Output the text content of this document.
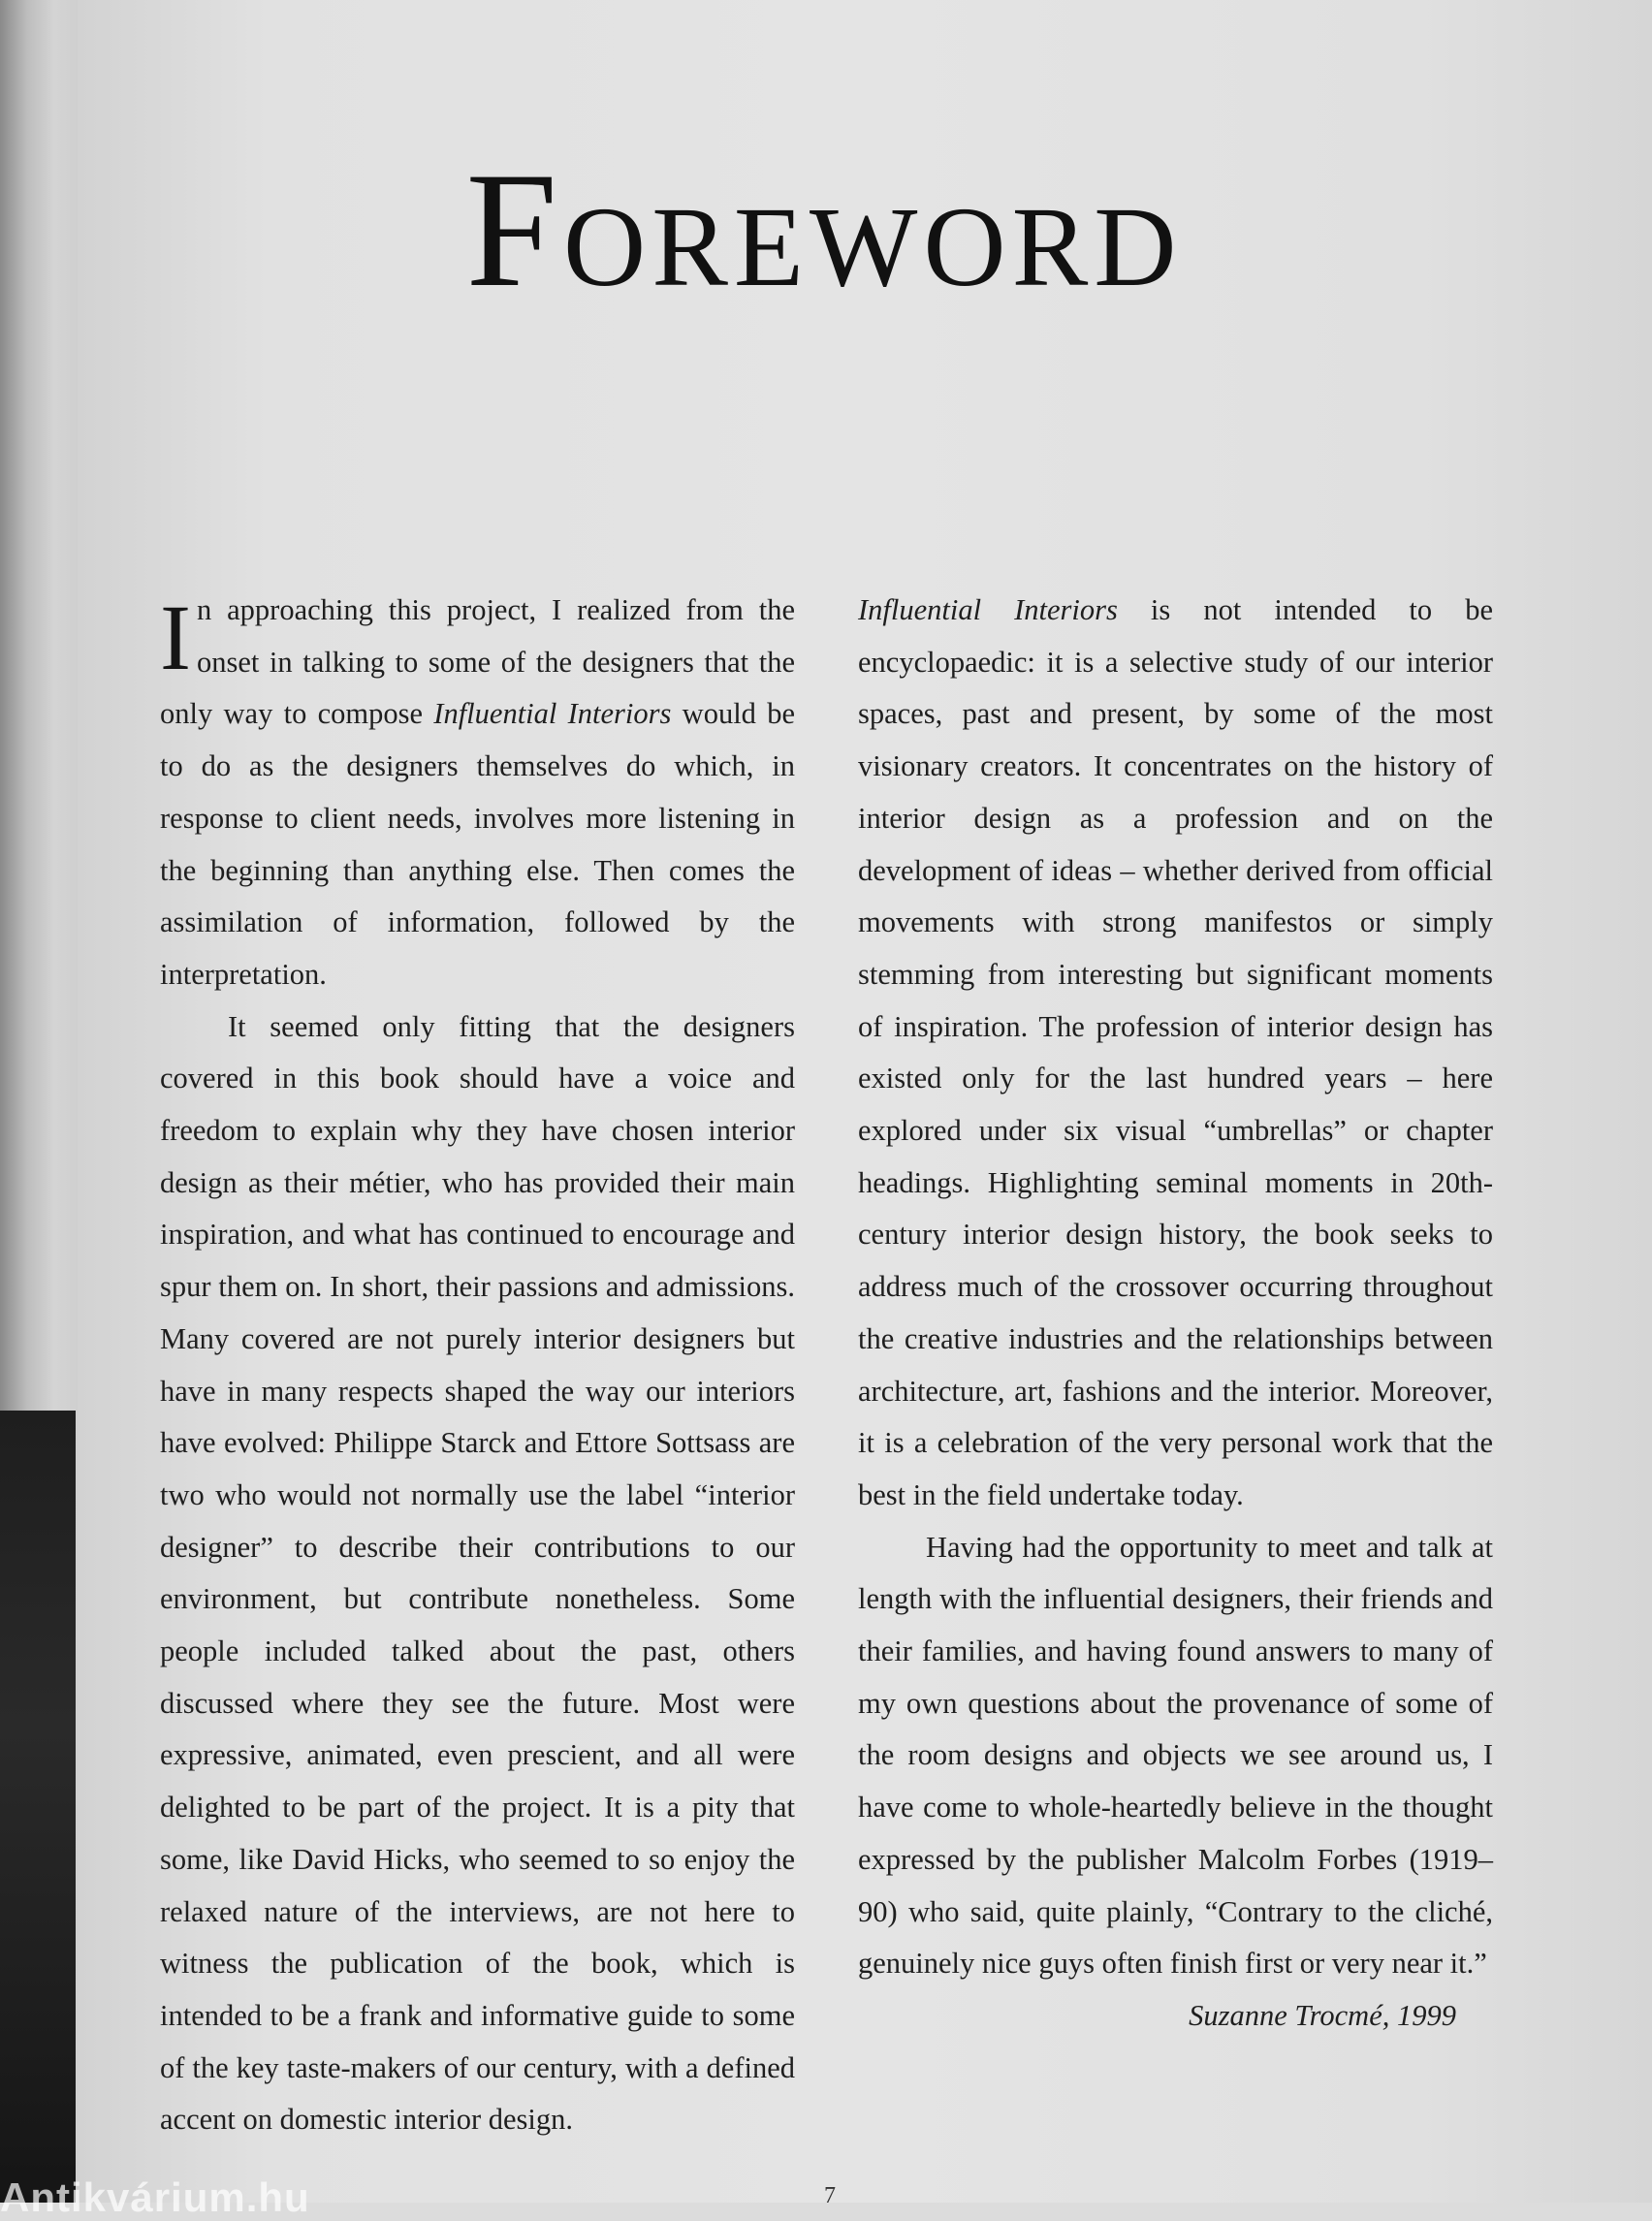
FOREWORD

In approaching this project, I realized from the onset in talking to some of the designers that the only way to compose Influential Interiors would be to do as the designers themselves do which, in response to client needs, involves more listening in the beginning than anything else. Then comes the assimilation of information, followed by the interpretation.

It seemed only fitting that the designers covered in this book should have a voice and freedom to explain why they have chosen interior design as their métier, who has provided their main inspiration, and what has continued to encourage and spur them on. In short, their passions and admissions. Many covered are not purely interior designers but have in many respects shaped the way our interiors have evolved: Philippe Starck and Ettore Sottsass are two who would not normally use the label “interior designer” to describe their contributions to our environment, but contribute nonetheless. Some people included talked about the past, others discussed where they see the future. Most were expressive, animated, even prescient, and all were delighted to be part of the project. It is a pity that some, like David Hicks, who seemed to so enjoy the relaxed nature of the interviews, are not here to witness the publication of the book, which is intended to be a frank and informative guide to some of the key taste-makers of our century, with a defined accent on domestic interior design.

Influential Interiors is not intended to be encyclopaedic: it is a selective study of our interior spaces, past and present, by some of the most visionary creators. It concentrates on the history of interior design as a profession and on the development of ideas – whether derived from official movements with strong manifestos or simply stemming from interesting but significant moments of inspiration. The profession of interior design has existed only for the last hundred years – here explored under six visual “umbrellas” or chapter headings. Highlighting seminal moments in 20th-century interior design history, the book seeks to address much of the crossover occurring throughout the creative industries and the relationships between architecture, art, fashions and the interior. Moreover, it is a celebration of the very personal work that the best in the field undertake today.

Having had the opportunity to meet and talk at length with the influential designers, their friends and their families, and having found answers to many of my own questions about the provenance of some of the room designs and objects we see around us, I have come to whole-heartedly believe in the thought expressed by the publisher Malcolm Forbes (1919–90) who said, quite plainly, “Contrary to the cliché, genuinely nice guys often finish first or very near it.”

Suzanne Trocmé, 1999
7
Antikvárium.hu
